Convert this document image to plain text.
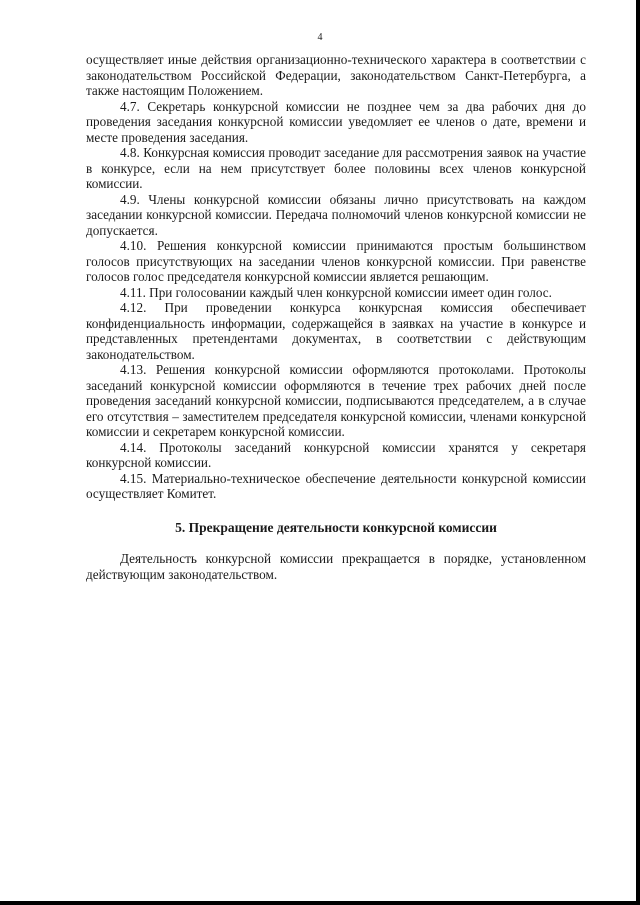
4

осуществляет иные действия организационно-технического характера в соответствии с законодательством Российской Федерации, законодательством Санкт-Петербурга, а также настоящим Положением.

4.7. Секретарь конкурсной комиссии не позднее чем за два рабочих дня до проведения заседания конкурсной комиссии уведомляет ее членов о дате, времени и месте проведения заседания.

4.8. Конкурсная комиссия проводит заседание для рассмотрения заявок на участие в конкурсе, если на нем присутствует более половины всех членов конкурсной комиссии.

4.9. Члены конкурсной комиссии обязаны лично присутствовать на каждом заседании конкурсной комиссии. Передача полномочий членов конкурсной комиссии не допускается.

4.10. Решения конкурсной комиссии принимаются простым большинством голосов присутствующих на заседании членов конкурсной комиссии. При равенстве голосов голос председателя конкурсной комиссии является решающим.

4.11. При голосовании каждый член конкурсной комиссии имеет один голос.

4.12. При проведении конкурса конкурсная комиссия обеспечивает конфиденциальность информации, содержащейся в заявках на участие в конкурсе и представленных претендентами документах, в соответствии с действующим законодательством.

4.13. Решения конкурсной комиссии оформляются протоколами. Протоколы заседаний конкурсной комиссии оформляются в течение трех рабочих дней после проведения заседаний конкурсной комиссии, подписываются председателем, а в случае его отсутствия – заместителем председателя конкурсной комиссии, членами конкурсной комиссии и секретарем конкурсной комиссии.

4.14. Протоколы заседаний конкурсной комиссии хранятся у секретаря конкурсной комиссии.

4.15. Материально-техническое обеспечение деятельности конкурсной комиссии осуществляет Комитет.

5. Прекращение деятельности конкурсной комиссии

Деятельность конкурсной комиссии прекращается в порядке, установленном действующим законодательством.
